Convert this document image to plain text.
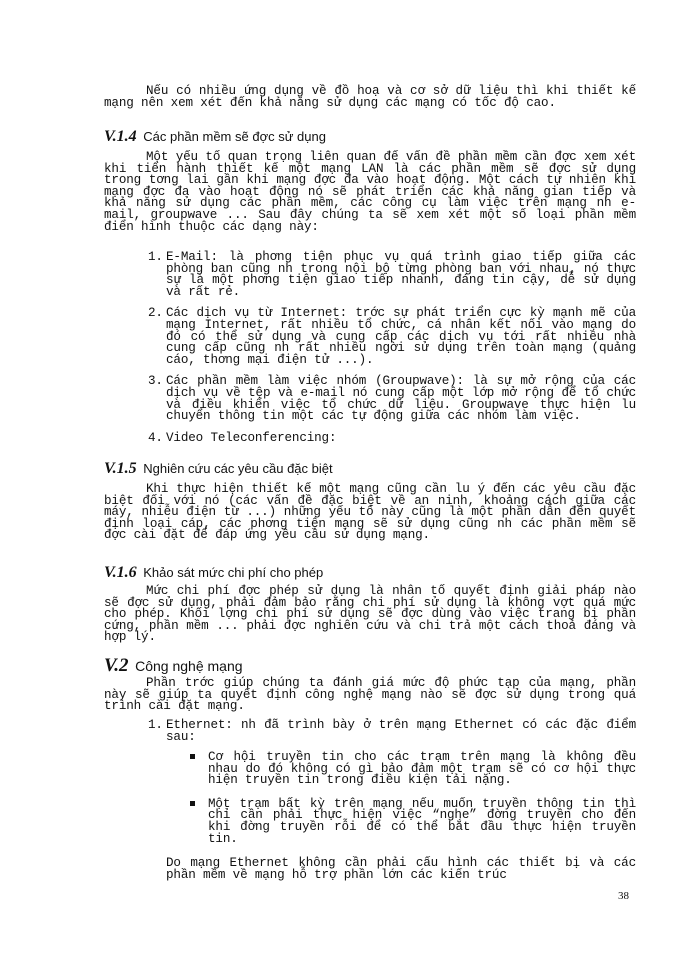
Nếu có nhiều ứng dụng về đồ hoạ và cơ sở dữ liệu thì khi thiết kế mạng nên xem xét đến khả năng sử dụng các mạng có tốc độ cao.
V.1.4 Các phần mềm sẽ đợc sử dụng
Một yếu tố quan trọng liên quan đế vấn đề phần mềm cần đợc xem xét khi tiến hành thiết kế một mạng LAN là các phần mềm sẽ đợc sử dụng trong tơng lai gần khi mạng đợc đa vào hoạt động. Một cách tự nhiên khi mạng đợc đa vào hoạt động nó sẽ phát triển các khả năng gian tiếp và khả năng sử dụng các phần mềm, các công cụ làm việc trên mạng nh e-mail, groupwave ... Sau đây chúng ta sẽ xem xét một số loại phần mềm điển hình thuộc các dạng này:
1. E-Mail: là phơng tiện phục vụ quá trình giao tiếp giữa các phòng ban cũng nh trong nội bộ từng phòng ban với nhau, nó thực sự là một phơng tiện giao tiếp nhanh, đáng tin cậy, dễ sử dụng và rất rẻ.
2. Các dịch vụ từ Internet: trớc sự phát triển cực kỳ mạnh mẽ của mạng Internet, rất nhiều tổ chức, cá nhân kết nối vào mạng do đó có thể sử dụng và cung cấp các dịch vụ tới rất nhiều nhà cung cấp cũng nh rất nhiều ngời sử dụng trên toàn mạng (quảng cáo, thơng mại điện tử ...).
3. Các phần mềm làm việc nhóm (Groupwave): là sự mở rộng của các dịch vụ về tệp và e-mail nó cung cấp một lớp mở rộng để tổ chức và điều khiển việc tổ chức dữ liệu. Groupwave thực hiện lu chuyển thông tin một các tự động giữa các nhóm làm việc.
4. Video Teleconferencing:
V.1.5 Nghiên cứu các yêu cầu đặc biệt
Khi thực hiện thiết kế một mạng cũng cần lu ý đến các yêu cầu đặc biệt đối với nó (các vấn đề đặc biệt về an ninh, khoảng cách giữa các máy, nhiễu điện từ ...) những yếu tố này cũng là một phần dẫn đến quyết định loại cáp, các phơng tiện mạng sẽ sử dụng cũng nh các phần mềm sẽ đợc cài đặt để đáp ứng yêu cầu sử dụng mạng.
V.1.6 Khảo sát mức chi phí cho phép
Mức chi phí đợc phép sử dụng là nhân tố quyết định giải pháp nào sẽ đợc sử dụng, phải đảm bảo rằng chi phí sử dụng là không vợt quá mức cho phép. Khối lợng chi phí sử dụng sẽ đợc dùng vào việc trang bị phần cứng, phần mềm ... phải đợc nghiên cứu và chi trả một cách thoả đáng và hợp lý.
V.2 Công nghệ mạng
Phần trớc giúp chúng ta đánh giá mức độ phức tạp của mạng, phần này sẽ giúp ta quyết định công nghệ mạng nào sẽ đợc sử dụng trong quá trình cài đặt mạng.
1. Ethernet: nh đã trình bày ở trên mạng Ethernet có các đặc điểm sau:
Cơ hội truyền tin cho các trạm trên mạng là không đều nhau do đó không có gì bảo đảm một trạm sẽ có cơ hội thực hiện truyền tin trong điều kiện tải nặng.
Một trạm bất kỳ trên mạng nếu muốn truyền thông tin thì chỉ cần phải thực hiện việc “nghe” đờng truyền cho đến khi đờng truyền rỗi để có thể bắt đầu thực hiện truyền tin.
Do mạng Ethernet không cần phải cấu hình các thiết bị và các phần mềm về mạng hỗ trợ phần lớn các kiến trúc
38
